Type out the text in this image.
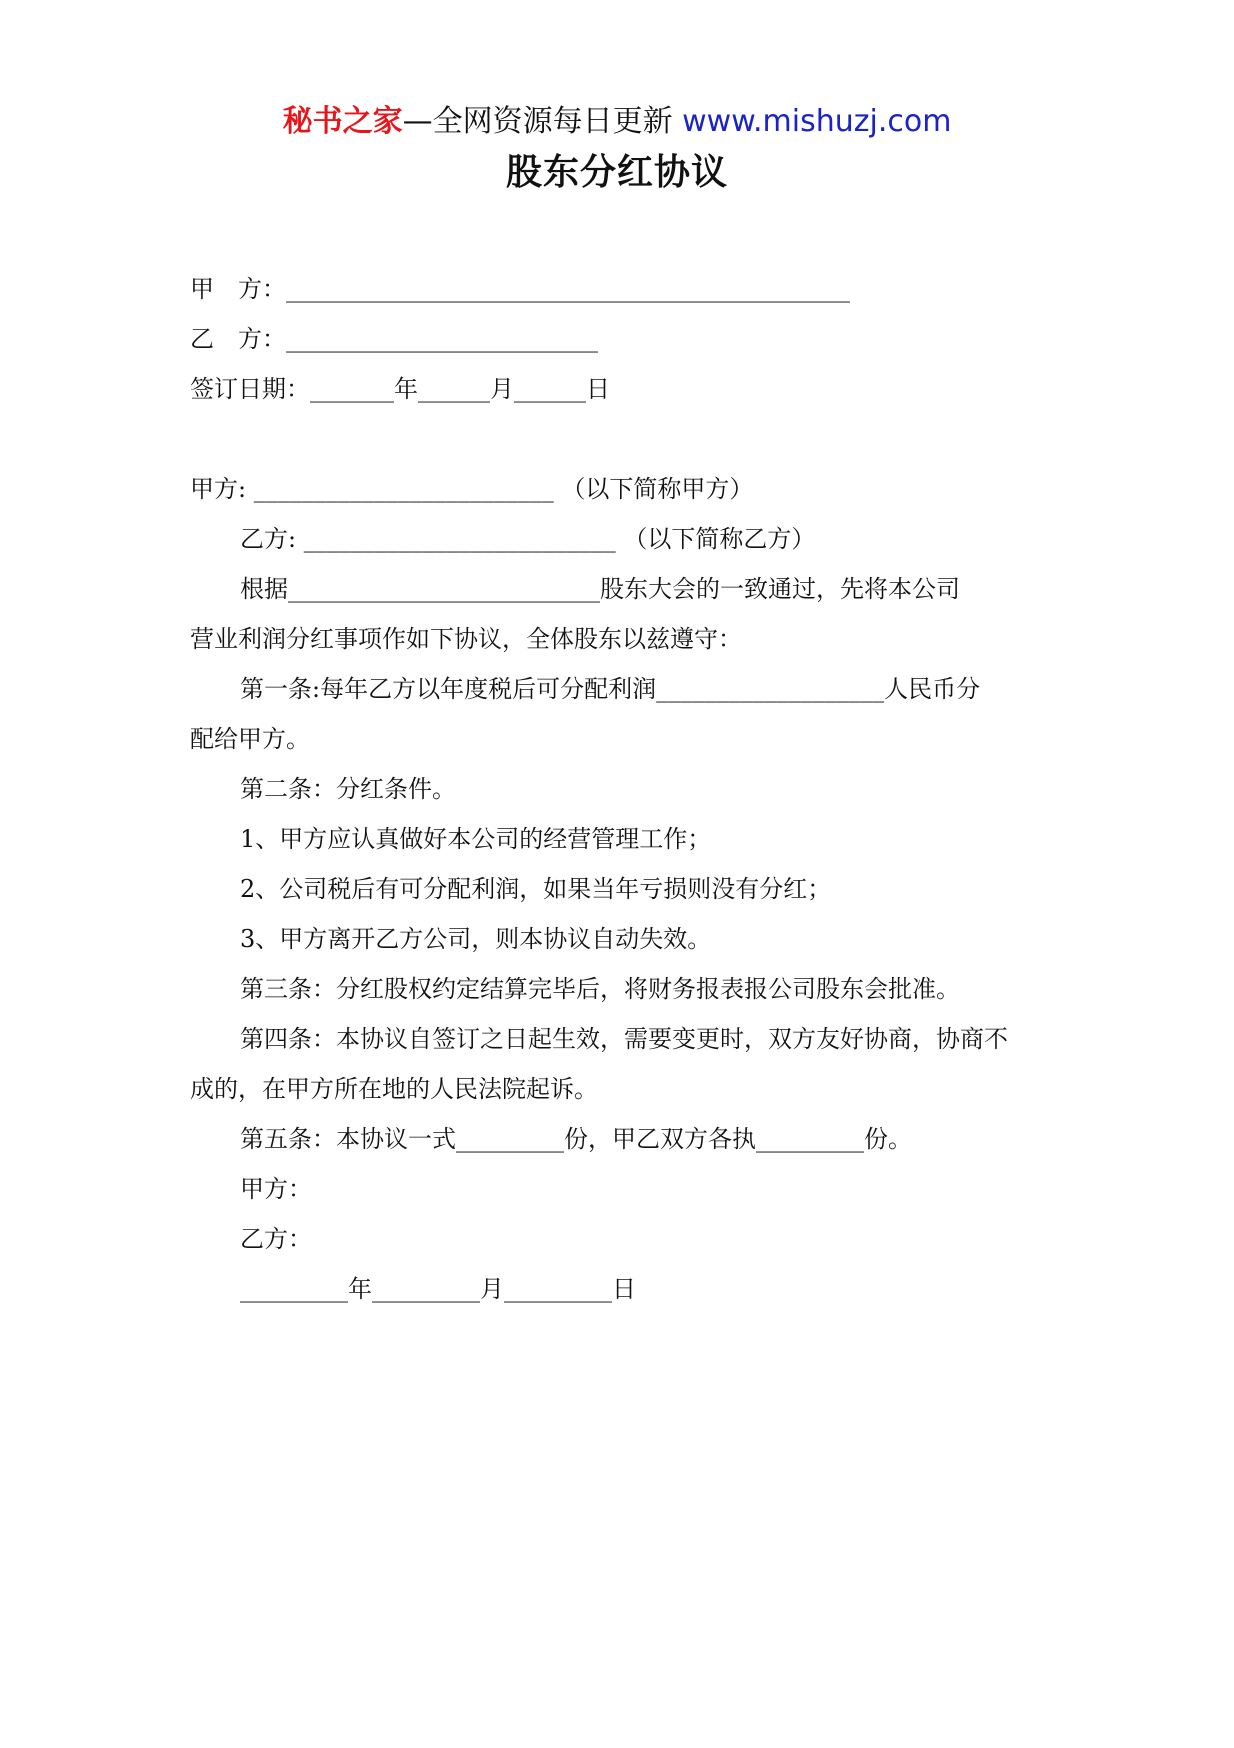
秘书之家—全网资源每日更新 www.mishuzj.com
股东分红协议
甲　方：_______________________________________________
乙　方：__________________________
签订日期：_______年______月______日
甲方: _________________________ （以下简称甲方）
乙方: __________________________ （以下简称乙方）
根据__________________________股东大会的一致通过，先将本公司
营业利润分红事项作如下协议，全体股东以兹遵守：
第一条:每年乙方以年度税后可分配利润___________________人民币分
配给甲方。
第二条：分红条件。
1、甲方应认真做好本公司的经营管理工作；
2、公司税后有可分配利润，如果当年亏损则没有分红；
3、甲方离开乙方公司，则本协议自动失效。
第三条：分红股权约定结算完毕后，将财务报表报公司股东会批准。
第四条：本协议自签订之日起生效，需要变更时，双方友好协商，协商不
成的，在甲方所在地的人民法院起诉。
第五条：本协议一式_________份，甲乙双方各执_________份。
甲方：
乙方：
_________年_________月_________日
